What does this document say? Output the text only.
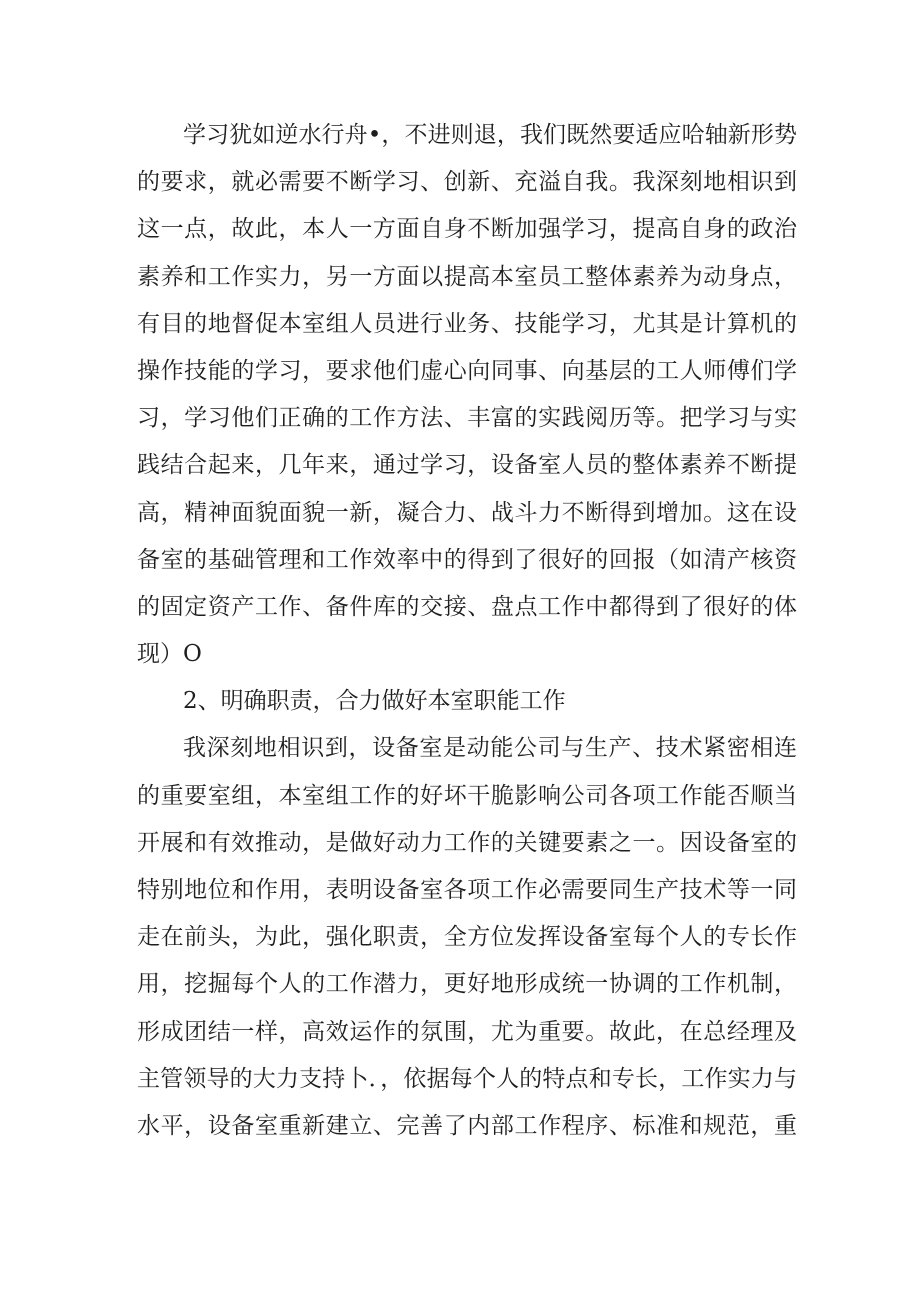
学习犹如逆水行舟•，不进则退，我们既然要适应哈轴新形势
的要求，就必需要不断学习、创新、充溢自我。我深刻地相识到
这一点，故此，本人一方面自身不断加强学习，提高自身的政治
素养和工作实力，另一方面以提高本室员工整体素养为动身点，
有目的地督促本室组人员进行业务、技能学习，尤其是计算机的
操作技能的学习，要求他们虚心向同事、向基层的工人师傅们学
习，学习他们正确的工作方法、丰富的实践阅历等。把学习与实
践结合起来，几年来，通过学习，设备室人员的整体素养不断提
高，精神面貌面貌一新，凝合力、战斗力不断得到增加。这在设
备室的基础管理和工作效率中的得到了很好的回报（如清产核资
的固定资产工作、备件库的交接、盘点工作中都得到了很好的体
现）O
2、明确职责，合力做好本室职能工作
我深刻地相识到，设备室是动能公司与生产、技术紧密相连
的重要室组，本室组工作的好坏干脆影响公司各项工作能否顺当
开展和有效推动，是做好动力工作的关键要素之一。因设备室的
特别地位和作用，表明设备室各项工作必需要同生产技术等一同
走在前头，为此，强化职责，全方位发挥设备室每个人的专长作
用，挖掘每个人的工作潜力，更好地形成统一协调的工作机制，
形成团结一样，高效运作的氛围，尤为重要。故此，在总经理及
主管领导的大力支持卜．，依据每个人的特点和专长，工作实力与
水平，设备室重新建立、完善了内部工作程序、标准和规范，重
